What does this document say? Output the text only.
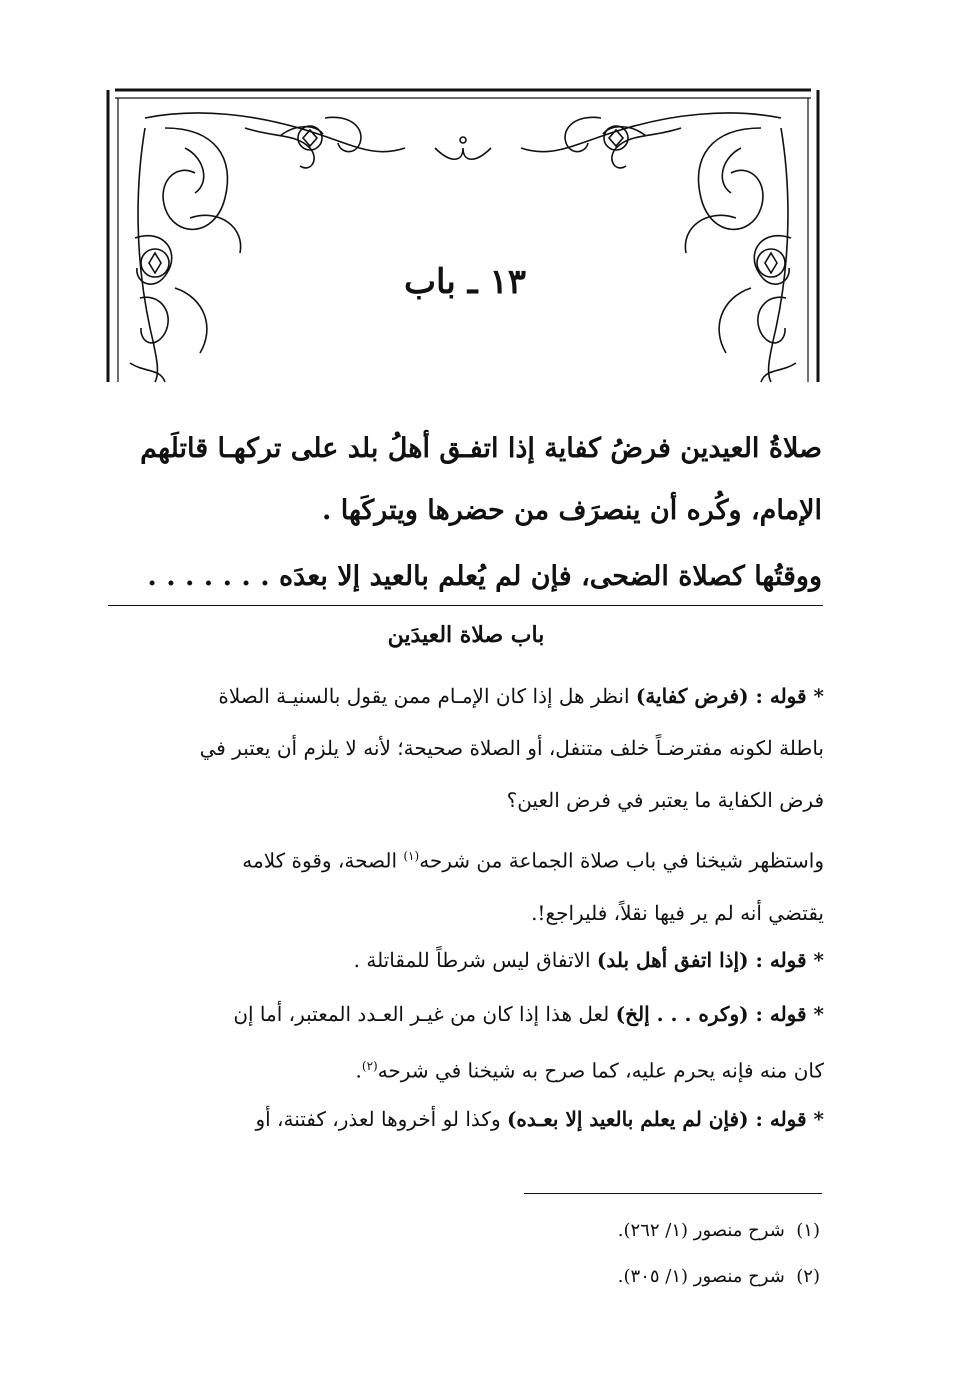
١٣ ـ باب
صلاةُ العيدين فرضُ كفاية إذا اتفـق أهلُ بلد على تركهـا قاتلَهم
الإمام، وكُره أن ينصرَف من حضرها ويتركَها .
ووقتُها كصلاة الضحى، فإن لم يُعلم بالعيد إلا بعدَه . . . . . . .
باب صلاة العيدَين
* قوله : (فرض كفاية) انظر هل إذا كان الإمـام ممن يقول بالسنيـة الصلاة
باطلة لكونه مفترضـاً خلف متنفل، أو الصلاة صحيحة؛ لأنه لا يلزم أن يعتبر في
فرض الكفاية ما يعتبر في فرض العين؟
واستظهر شيخنا في باب صلاة الجماعة من شرحه$^{(١)}$ الصحة، وقوة كلامه
يقتضي أنه لم ير فيها نقلاً، فليراجع!.
* قوله : (إذا اتفق أهل بلد) الاتفاق ليس شرطاً للمقاتلة .
* قوله : (وكره . . . إلخ) لعل هذا إذا كان من غيـر العـدد المعتبر، أما إن
كان منه فإنه يحرم عليه، كما صرح به شيخنا في شرحه$^{(٢)}$.
* قوله : (فإن لم يعلم بالعيد إلا بعـده) وكذا لو أخروها لعذر، كفتنة، أو
(١)  شرح منصور (١/ ٢٦٢).
(٢)  شرح منصور (١/ ٣٠٥).
